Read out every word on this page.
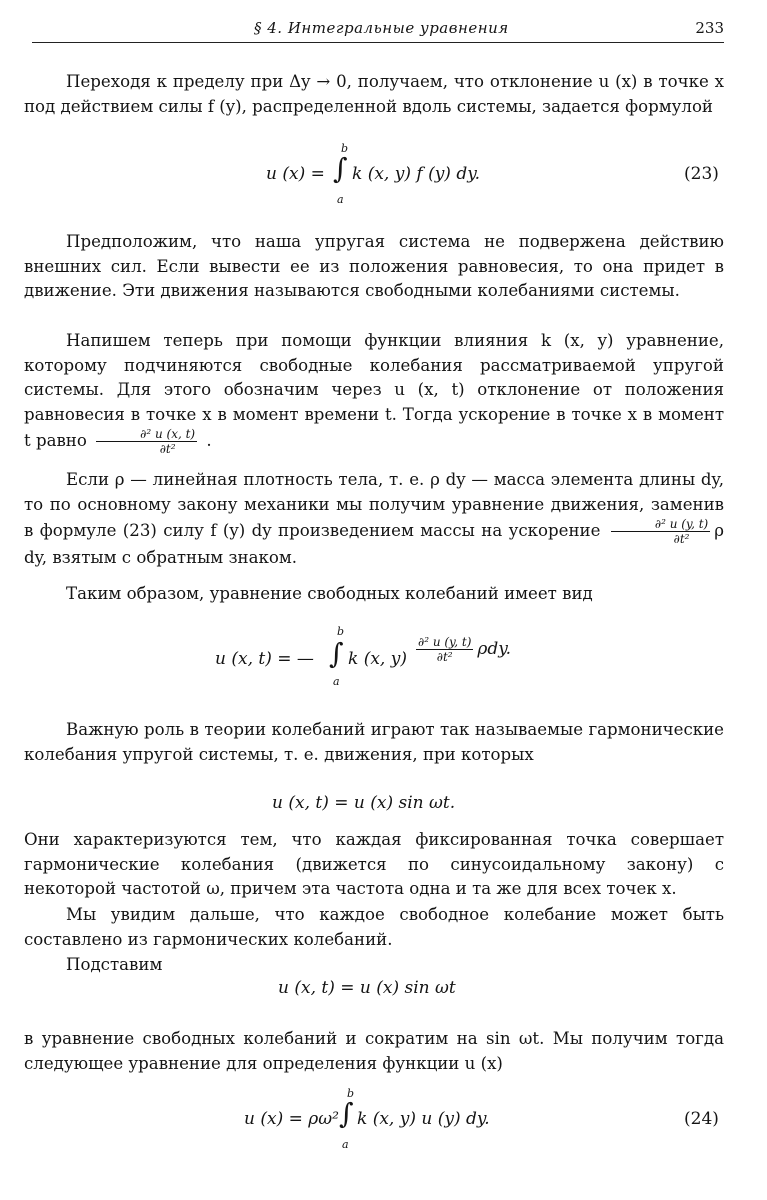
§ 4. Интегральные уравнения	233

Переходя к пределу при Δy → 0, получаем, что отклонение u (x) в точке x под действием силы f (y), распределенной вдоль системы, задается формулой

u (x) =
b
∫
a
k (x, y) f (y) dy.	(23)

Предположим, что наша упругая система не подвержена действию внешних сил. Если вывести ее из положения равновесия, то она придет в движение. Эти движения называются свободными колебаниями системы.

Напишем теперь при помощи функции влияния k (x, y) уравнение, которому подчиняются свободные колебания рассматриваемой упругой системы. Для этого обозначим через u (x, t) отклонение от положения равновесия в точке x в момент времени t. Тогда ускорение в точке x в момент t равно $\frac{\text{∂² u (x, t)}}{\text{∂t²}}$ .

Если ρ — линейная плотность тела, т. е. ρ dy — масса элемента длины dy, то по основному закону механики мы получим уравнение движения, заменив в формуле (23) силу f (y) dy произведением массы на ускорение $\frac{\text{∂² u (y, t)}}{\text{∂t²}}$ ρ dy, взятым с обратным знаком.

Таким образом, уравнение свободных колебаний имеет вид

u (x, t) = —
b
∫
a
k (x, $y) \frac{\text{∂² u (y, t)}}{\text{∂t²}} \rho dy$.

Важную роль в теории колебаний играют так называемые гармонические колебания упругой системы, т. е. движения, при которых

u (x, t) = u (x) sin ωt.

Они характеризуются тем, что каждая фиксированная точка совершает гармонические колебания (движется по синусоидальному закону) с некоторой частотой ω, причем эта частота одна и та же для всех точек x.

Мы увидим дальше, что каждое свободное колебание может быть составлено из гармонических колебаний.

Подставим

u (x, t) = u (x) sin ωt

в уравнение свободных колебаний и сократим на sin ωt. Мы получим тогда следующее уравнение для определения функции u (x)

u (x) = ρω²
b
∫
a
k (x, y) u (y) dy.	(24)
